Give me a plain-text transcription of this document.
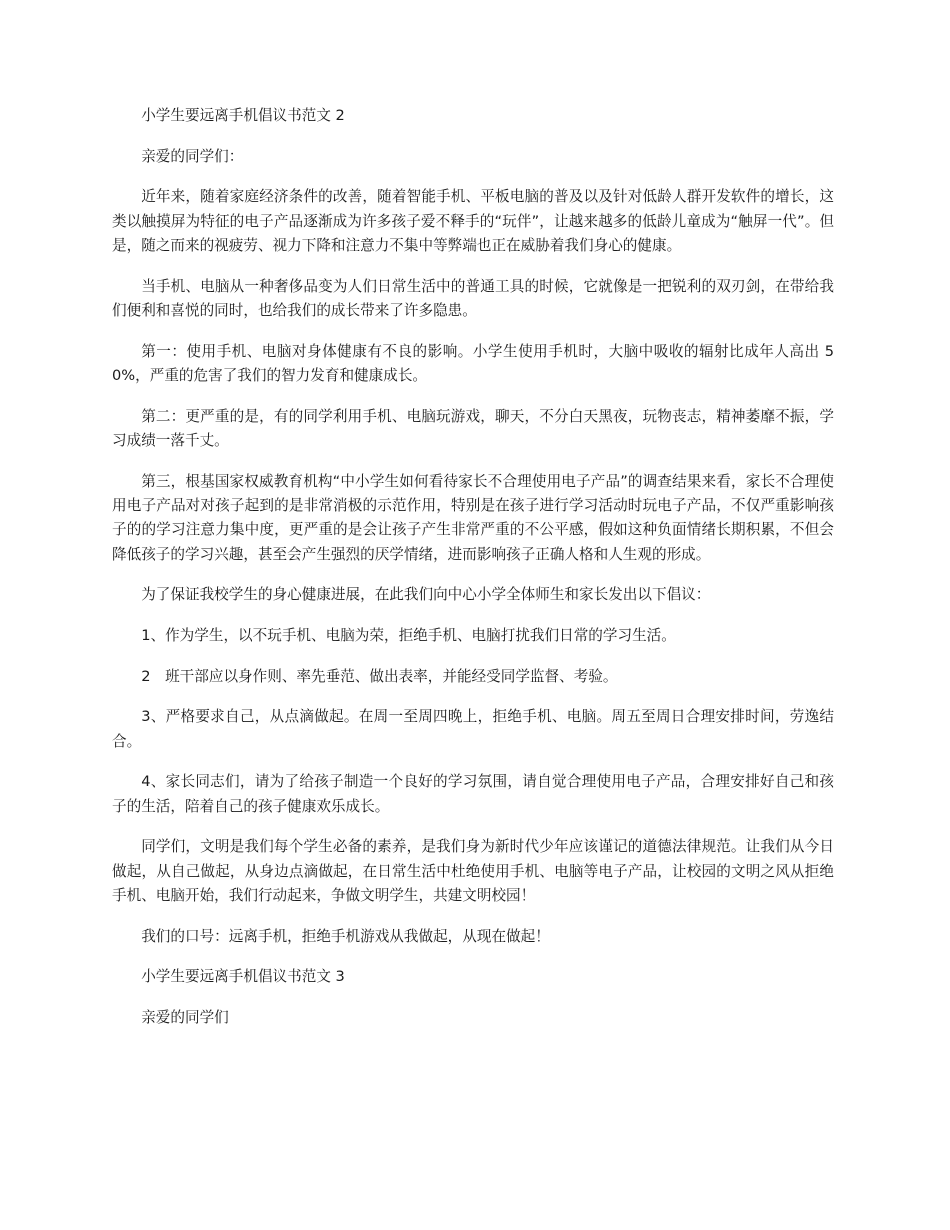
小学生要远离手机倡议书范文 2

亲爱的同学们：

近年来，随着家庭经济条件的改善，随着智能手机、平板电脑的普及以及针对低龄人群开发软件的增长，这类以触摸屏为特征的电子产品逐渐成为许多孩子爱不释手的“玩伴”，让越来越多的低龄儿童成为“触屏一代”。但是，随之而来的视疲劳、视力下降和注意力不集中等弊端也正在威胁着我们身心的健康。

当手机、电脑从一种奢侈品变为人们日常生活中的普通工具的时候，它就像是一把锐利的双刃剑，在带给我们便利和喜悦的同时，也给我们的成长带来了许多隐患。

第一：使用手机、电脑对身体健康有不良的影响。小学生使用手机时，大脑中吸收的辐射比成年人高出 50%，严重的危害了我们的智力发育和健康成长。

第二：更严重的是，有的同学利用手机、电脑玩游戏，聊天，不分白天黑夜，玩物丧志，精神萎靡不振，学习成绩一落千丈。

第三，根基国家权威教育机构“中小学生如何看待家长不合理使用电子产品”的调查结果来看，家长不合理使用电子产品对对孩子起到的是非常消极的示范作用，特别是在孩子进行学习活动时玩电子产品，不仅严重影响孩子的的学习注意力集中度，更严重的是会让孩子产生非常严重的不公平感，假如这种负面情绪长期积累，不但会降低孩子的学习兴趣，甚至会产生强烈的厌学情绪，进而影响孩子正确人格和人生观的形成。

为了保证我校学生的身心健康进展，在此我们向中心小学全体师生和家长发出以下倡议：

1、作为学生，以不玩手机、电脑为荣，拒绝手机、电脑打扰我们日常的学习生活。

2　班干部应以身作则、率先垂范、做出表率，并能经受同学监督、考验。

3、严格要求自己，从点滴做起。在周一至周四晚上，拒绝手机、电脑。周五至周日合理安排时间，劳逸结合。

4、家长同志们，请为了给孩子制造一个良好的学习氛围，请自觉合理使用电子产品，合理安排好自己和孩子的生活，陪着自己的孩子健康欢乐成长。

同学们，文明是我们每个学生必备的素养，是我们身为新时代少年应该谨记的道德法律规范。让我们从今日做起，从自己做起，从身边点滴做起，在日常生活中杜绝使用手机、电脑等电子产品，让校园的文明之风从拒绝手机、电脑开始，我们行动起来，争做文明学生，共建文明校园！

我们的口号：远离手机，拒绝手机游戏从我做起，从现在做起！

小学生要远离手机倡议书范文 3

亲爱的同学们
